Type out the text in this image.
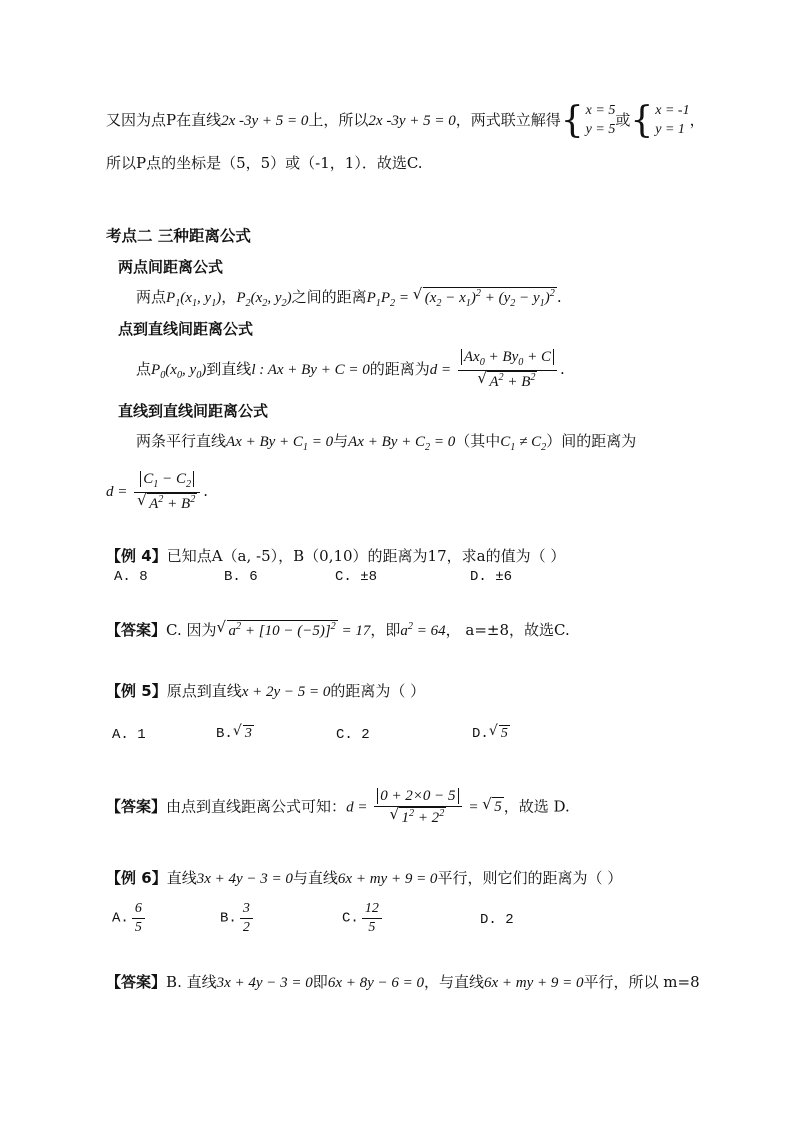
又因为点P在直线2x -3y + 5 = 0上，所以2x -3y + 5 = 0，两式联立解得{ x = 5
y = 5
或{ x = -1
y = 1
，
所以P点的坐标是（5，5）或（-1，1）．故选C.
考点二 三种距离公式
两点间距离公式
两点$P_1(x_1$, $y_1$)，$P_2(x_2$, $y_2$)之间的距离$P_1P_2$ = √ $(x_2 - x_1)^2 + (y_2 - y_1)^2$ .
点到直线间距离公式
点$P_0(x_0$, $y_0$)到直线l : Ax + By + C = 0的距离为$d = \frac{Ax_0 + By_0 + C}{√ A^2 + B^2}$ .
直线到直线间距离公式
两条平行直线$Ax + By + C_1 = 0$与$Ax + By + C_2 = 0$（其中$C_1 \ne C_2$）间的距离为
$d = \frac{C_1 - C_2}{√ A^2 + B^2}$ .
【例 4】已知点A（a, -5），B（0,10）的距离为17，求a的值为（ ）
A. 8	B. 6	C. ±8	D. ±6
【答案】C. 因为 √ $a^2 + [10 - (-5)]^2 = 17$，即$a^2 = 64$， a=±8，故选C.
【例 5】原点到直线x + 2y − 5 = 0的距离为（ ）
A. 1	B. √ 3	C. 2	D. √ 5
【答案】由点到直线距离公式可知：$d = \frac{0 + 2\times 0 - 5}{√ 1^2 + 2^2}$ = √ 5 ，故选 D.
【例 6】直线3x + 4y − 3 = 0与直线6x + my + 9 = 0平行，则它们的距离为（ ）
A. $\frac{6}{5}$	B. $\frac{3}{2}$	C. $\frac{12}{5}$	D. 2
【答案】B. 直线3x + 4y − 3 = 0即6x + 8y − 6 = 0，与直线6x + my + 9 = 0平行，所以 m=8
